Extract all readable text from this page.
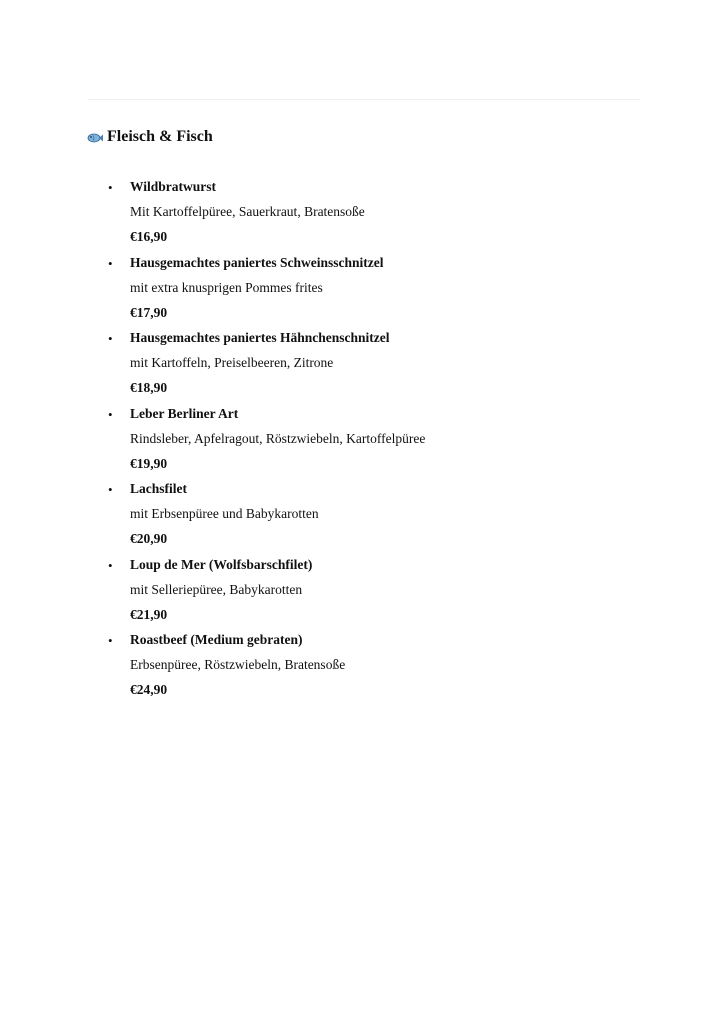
Fleisch & Fisch
• Wildbratwurst
Mit Kartoffelpüree, Sauerkraut, Bratensoße
€16,90
• Hausgemachtes paniertes Schweinsschnitzel
mit extra knusprigen Pommes frites
€17,90
• Hausgemachtes paniertes Hähnchenschnitzel
mit Kartoffeln, Preiselbeeren, Zitrone
€18,90
• Leber Berliner Art
Rindsleber, Apfelragout, Röstzwiebeln, Kartoffelpüree
€19,90
• Lachsfilet
mit Erbsenpüree und Babykarotten
€20,90
• Loup de Mer (Wolfsbarschfilet)
mit Selleriepüree, Babykarotten
€21,90
• Roastbeef (Medium gebraten)
Erbsenpüree, Röstzwiebeln, Bratensoße
€24,90
